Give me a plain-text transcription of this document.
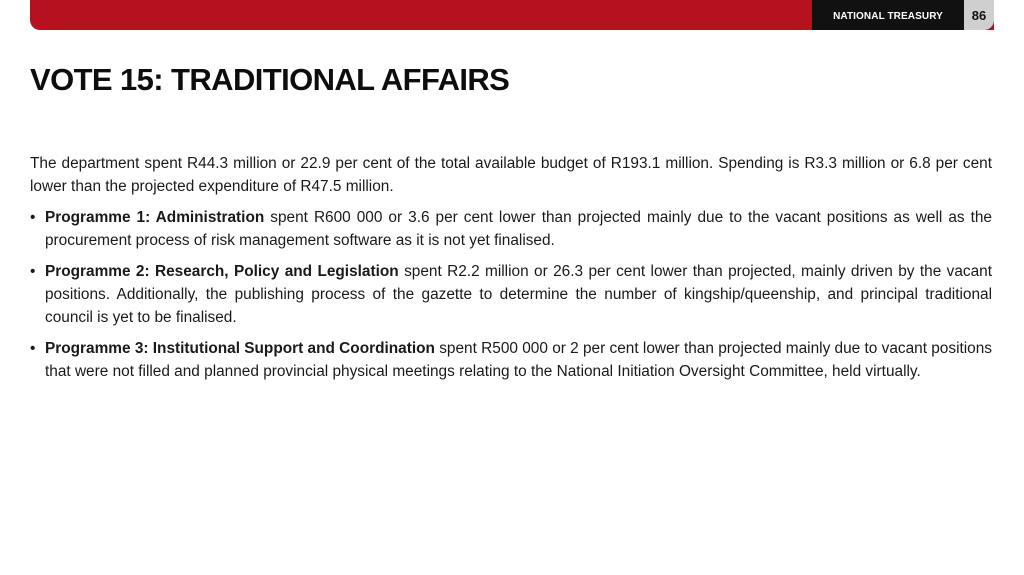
NATIONAL TREASURY 86
VOTE 15: TRADITIONAL AFFAIRS

The department spent R44.3 million or 22.9 per cent of the total available budget of R193.1 million. Spending is R3.3 million or 6.8 per cent lower than the projected expenditure of R47.5 million.

• Programme 1: Administration spent R600 000 or 3.6 per cent lower than projected mainly due to the vacant positions as well as the procurement process of risk management software as it is not yet finalised.
• Programme 2: Research, Policy and Legislation spent R2.2 million or 26.3 per cent lower than projected, mainly driven by the vacant positions. Additionally, the publishing process of the gazette to determine the number of kingship/queenship, and principal traditional council is yet to be finalised.
• Programme 3: Institutional Support and Coordination spent R500 000 or 2 per cent lower than projected mainly due to vacant positions that were not filled and planned provincial physical meetings relating to the National Initiation Oversight Committee, held virtually.
